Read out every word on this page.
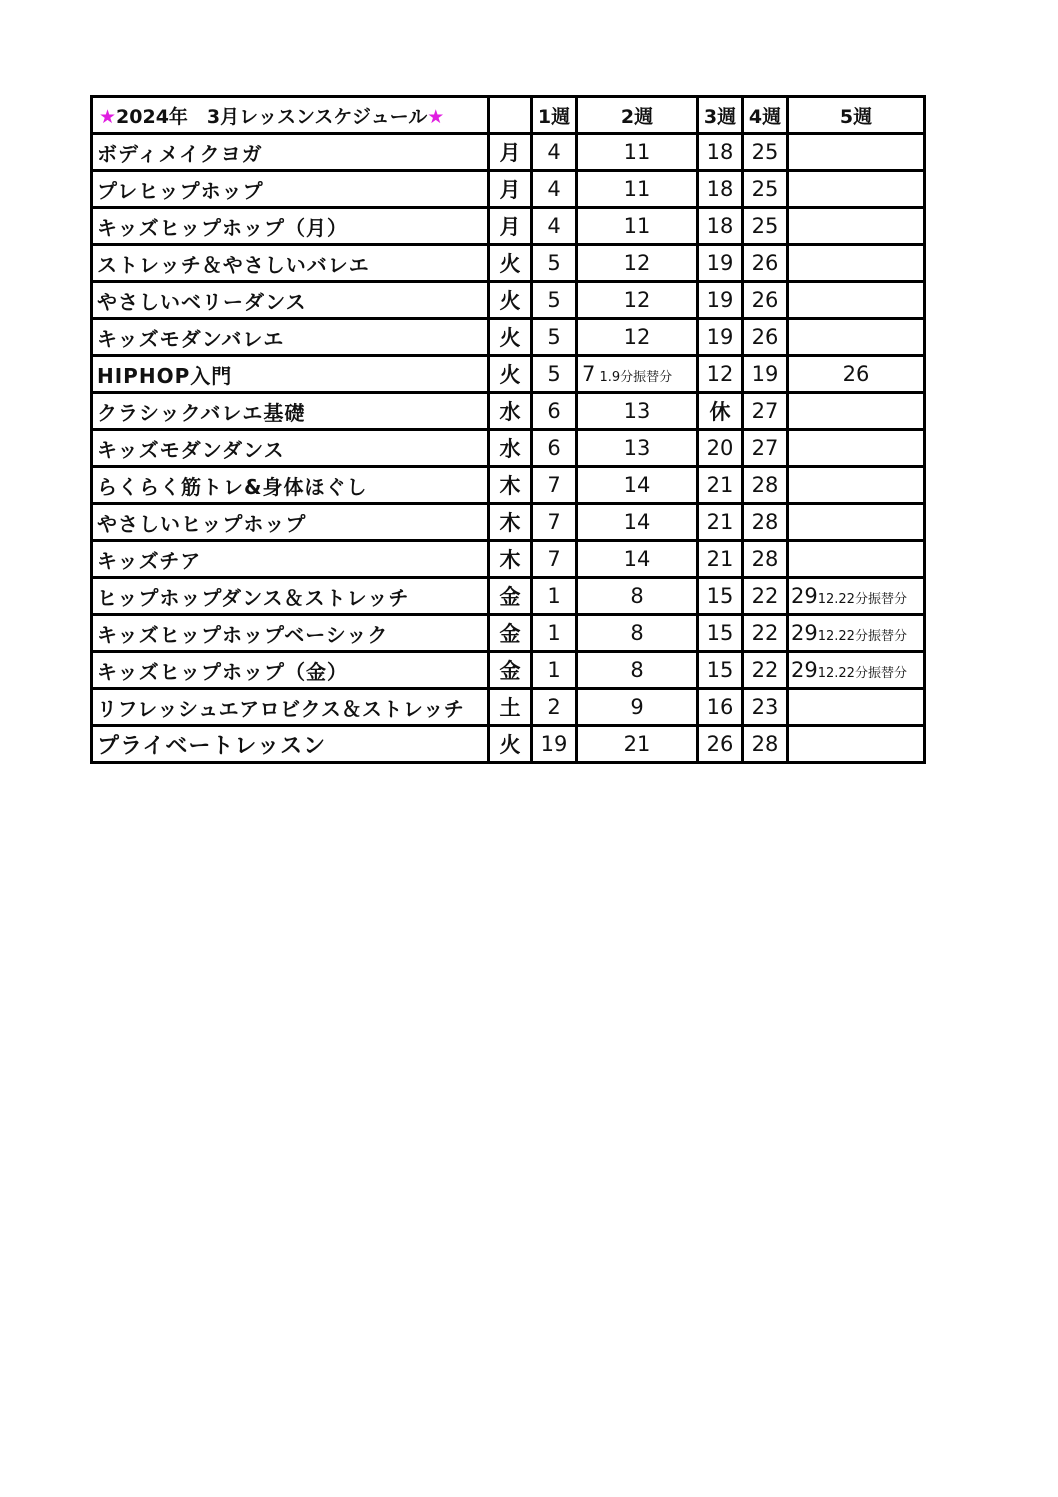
★2024年　3月レッスンスケジュール★		1週	2週	3週	4週	5週
ボディメイクヨガ	月	4	11	18	25	
プレヒップホップ	月	4	11	18	25	
キッズヒップホップ（月）	月	4	11	18	25	
ストレッチ＆やさしいバレエ	火	5	12	19	26	
やさしいベリーダンス	火	5	12	19	26	
キッズモダンバレエ	火	5	12	19	26	
HIPHOP入門	火	5	7 1.9分振替分	12	19	26
クラシックバレエ基礎	水	6	13	休	27	
キッズモダンダンス	水	6	13	20	27	
らくらく筋トレ&身体ほぐし	木	7	14	21	28	
やさしいヒップホップ	木	7	14	21	28	
キッズチア	木	7	14	21	28	
ヒップホップダンス＆ストレッチ	金	1	8	15	22	2912.22分振替分
キッズヒップホップベーシック	金	1	8	15	22	2912.22分振替分
キッズヒップホップ（金）	金	1	8	15	22	2912.22分振替分
リフレッシュエアロビクス＆ストレッチ	土	2	9	16	23	
プライベートレッスン	火	19	21	26	28	
